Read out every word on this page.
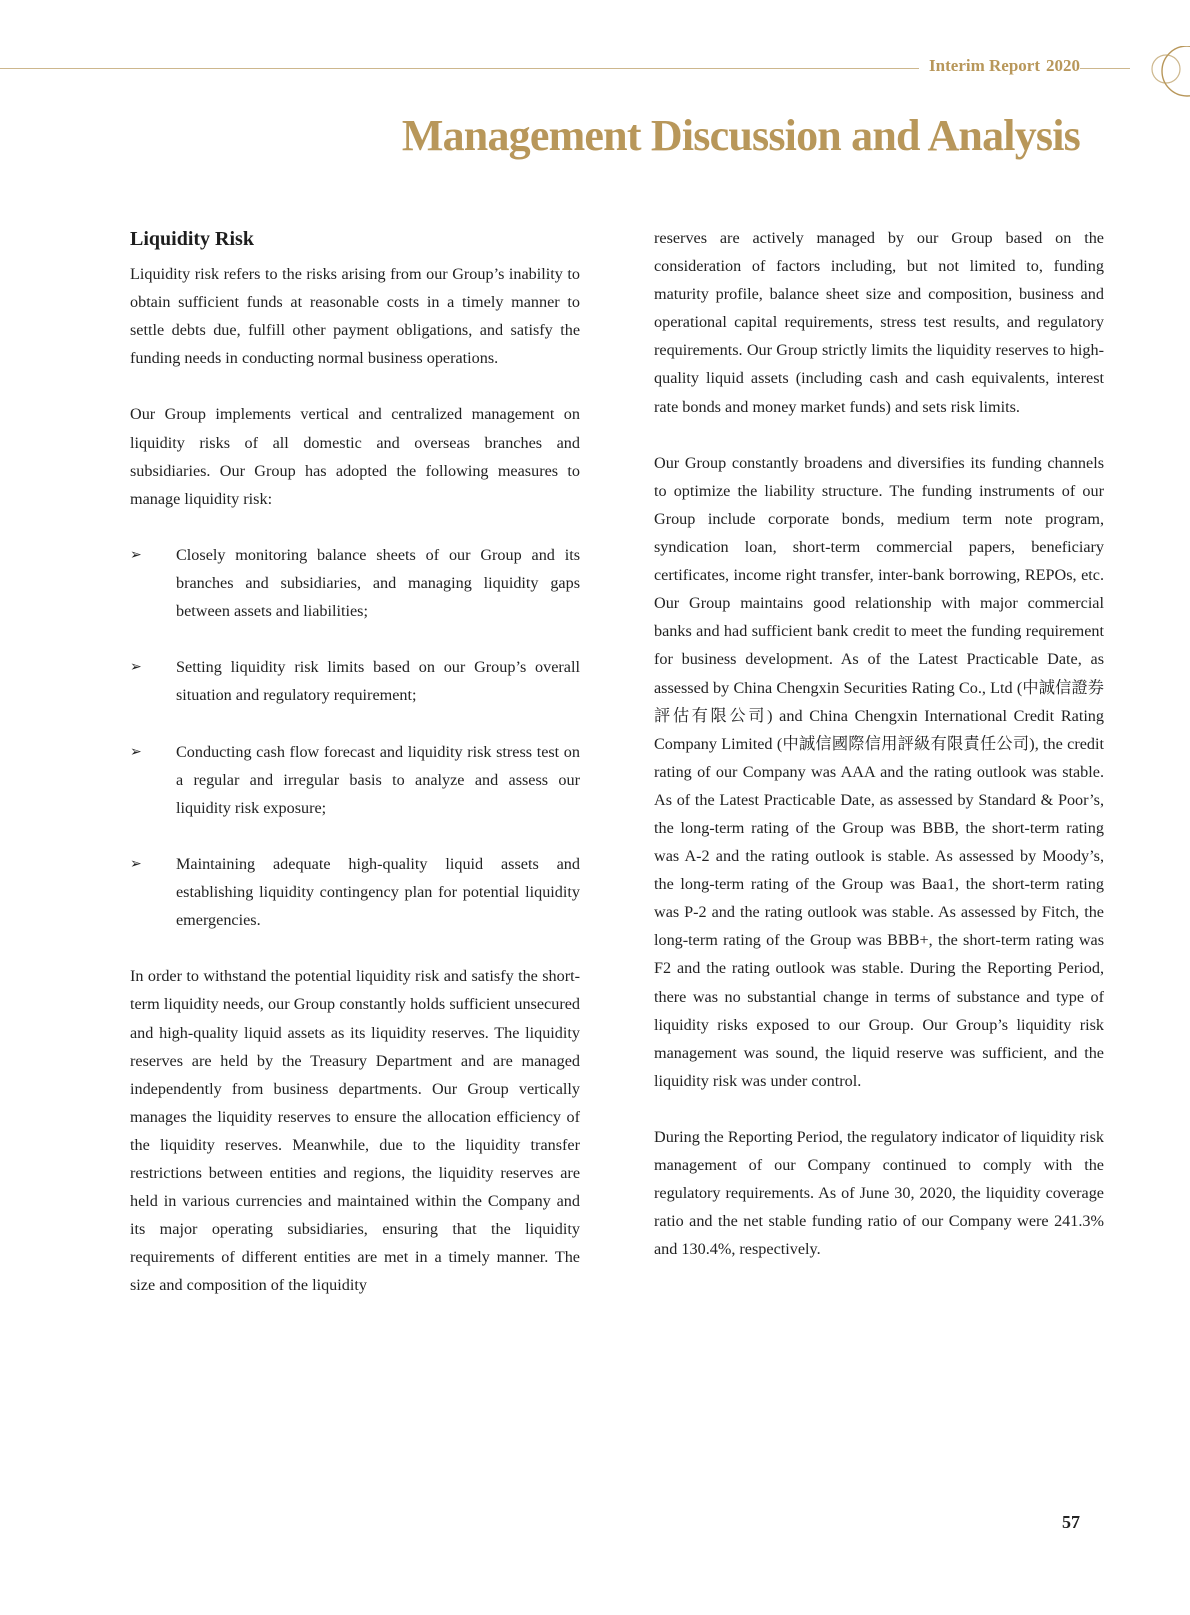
Interim Report 2020
Management Discussion and Analysis
Liquidity Risk

Liquidity risk refers to the risks arising from our Group’s inability to obtain sufficient funds at reasonable costs in a timely manner to settle debts due, fulfill other payment obligations, and satisfy the funding needs in conducting normal business operations.

Our Group implements vertical and centralized management on liquidity risks of all domestic and overseas branches and subsidiaries. Our Group has adopted the following measures to manage liquidity risk:

➢ Closely monitoring balance sheets of our Group and its branches and subsidiaries, and managing liquidity gaps between assets and liabilities;
➢ Setting liquidity risk limits based on our Group’s overall situation and regulatory requirement;
➢ Conducting cash flow forecast and liquidity risk stress test on a regular and irregular basis to analyze and assess our liquidity risk exposure;
➢ Maintaining adequate high-quality liquid assets and establishing liquidity contingency plan for potential liquidity emergencies.

In order to withstand the potential liquidity risk and satisfy the short-term liquidity needs, our Group constantly holds sufficient unsecured and high-quality liquid assets as its liquidity reserves. The liquidity reserves are held by the Treasury Department and are managed independently from business departments. Our Group vertically manages the liquidity reserves to ensure the allocation efficiency of the liquidity reserves. Meanwhile, due to the liquidity transfer restrictions between entities and regions, the liquidity reserves are held in various currencies and maintained within the Company and its major operating subsidiaries, ensuring that the liquidity requirements of different entities are met in a timely manner. The size and composition of the liquidity

reserves are actively managed by our Group based on the consideration of factors including, but not limited to, funding maturity profile, balance sheet size and composition, business and operational capital requirements, stress test results, and regulatory requirements. Our Group strictly limits the liquidity reserves to high-quality liquid assets (including cash and cash equivalents, interest rate bonds and money market funds) and sets risk limits.

Our Group constantly broadens and diversifies its funding channels to optimize the liability structure. The funding instruments of our Group include corporate bonds, medium term note program, syndication loan, short-term commercial papers, beneficiary certificates, income right transfer, inter-bank borrowing, REPOs, etc. Our Group maintains good relationship with major commercial banks and had sufficient bank credit to meet the funding requirement for business development. As of the Latest Practicable Date, as assessed by China Chengxin Securities Rating Co., Ltd (中誠信證券評估有限公司) and China Chengxin International Credit Rating Company Limited (中誠信國際信用評級有限責任公司), the credit rating of our Company was AAA and the rating outlook was stable. As of the Latest Practicable Date, as assessed by Standard & Poor’s, the long-term rating of the Group was BBB, the short-term rating was A-2 and the rating outlook is stable. As assessed by Moody’s, the long-term rating of the Group was Baa1, the short-term rating was P-2 and the rating outlook was stable. As assessed by Fitch, the long-term rating of the Group was BBB+, the short-term rating was F2 and the rating outlook was stable. During the Reporting Period, there was no substantial change in terms of substance and type of liquidity risks exposed to our Group. Our Group’s liquidity risk management was sound, the liquid reserve was sufficient, and the liquidity risk was under control.

During the Reporting Period, the regulatory indicator of liquidity risk management of our Company continued to comply with the regulatory requirements. As of June 30, 2020, the liquidity coverage ratio and the net stable funding ratio of our Company were 241.3% and 130.4%, respectively.

57
